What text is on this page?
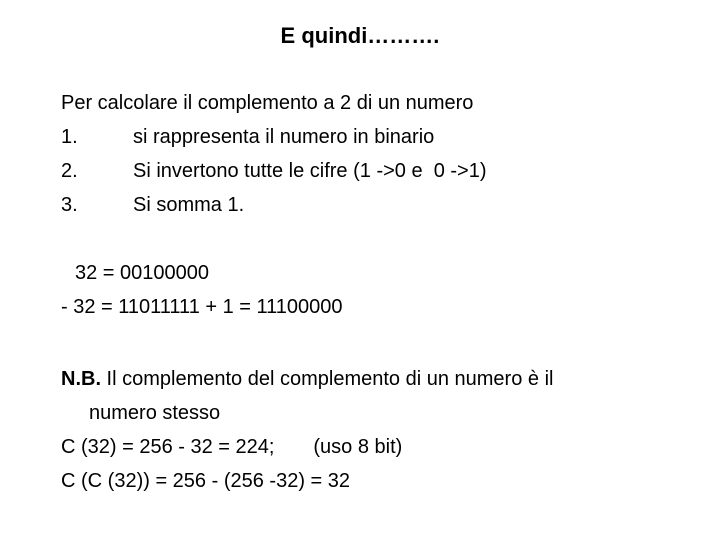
E quindi……….
Per calcolare il complemento a 2 di un numero
1.	si rappresenta il numero in binario
2.	Si invertono tutte le cifre (1 ->0 e  0 ->1)
3.	Si somma 1.
32 = 00100000
- 32 = 11011111 + 1 = 11100000
N.B. Il complemento del complemento di un numero è il
numero stesso
C (32) = 256 - 32 = 224;       (uso 8 bit)
C (C (32)) = 256 - (256 -32) = 32
